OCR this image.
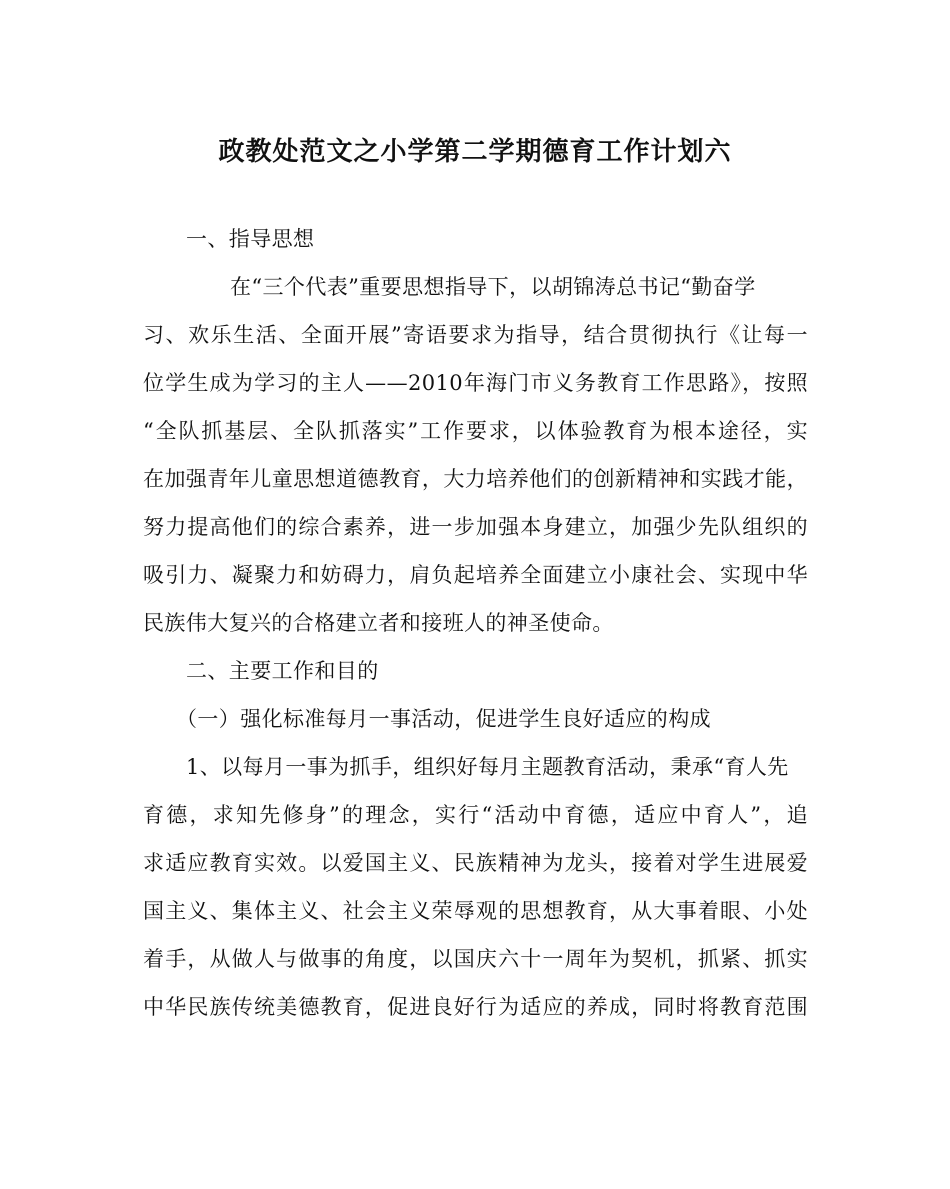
政教处范文之小学第二学期德育工作计划六
一、指导思想
在“三个代表”重要思想指导下，以胡锦涛总书记“勤奋学
习、欢乐生活、全面开展”寄语要求为指导，结合贯彻执行《让每一
位学生成为学习的主人——2010年海门市义务教育工作思路》，按照
“全队抓基层、全队抓落实”工作要求，以体验教育为根本途径，实
在加强青年儿童思想道德教育，大力培养他们的创新精神和实践才能，
努力提高他们的综合素养，进一步加强本身建立，加强少先队组织的
吸引力、凝聚力和妨碍力，肩负起培养全面建立小康社会、实现中华
民族伟大复兴的合格建立者和接班人的神圣使命。
二、主要工作和目的
（一）强化标准每月一事活动，促进学生良好适应的构成
1、以每月一事为抓手，组织好每月主题教育活动，秉承“育人先
育德，求知先修身”的理念，实行“活动中育德，适应中育人”，追
求适应教育实效。以爱国主义、民族精神为龙头，接着对学生进展爱
国主义、集体主义、社会主义荣辱观的思想教育，从大事着眼、小处
着手，从做人与做事的角度，以国庆六十一周年为契机，抓紧、抓实
中华民族传统美德教育，促进良好行为适应的养成，同时将教育范围
